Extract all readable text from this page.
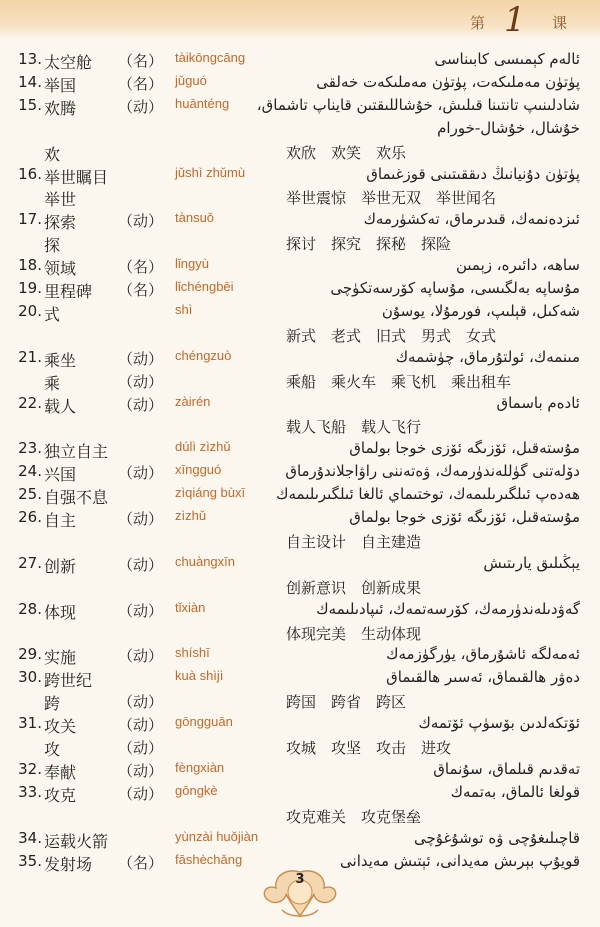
第 1 课
13. 太空舱 （名） tàikōngcāng	ئالەم كېمىسى كابىناسى
14. 举国	（名） jǔguó	پۈتۈن مەملىكەت، پۈتۈن مەملىكەت خەلقى
15. 欢腾	（动） huānténg شادلىنىپ تانتىنا قىلىش، خۇشاللىقتىن قايناپ تاشماق،
خۇشال، خۇشال-خورام
欢	欢欣　欢笑　欢乐
16. 举世瞩目	jǔshì zhǔmù	پۈتۈن دۇنيانىڭ دىققىتىنى قوزغىماق
举世	举世震惊　举世无双　举世闻名
17. 探索	（动） tànsuǒ	ئىزدەنمەك، قىدىرماق، تەكشۈرمەك
探	探讨　探究　探秘　探险
18. 领域	（名） lǐngyù	ساھە، دائىرە، زېمىن
19. 里程碑 （名） lǐchéngbēi	مۇساپە بەلگىسى، مۇساپە كۆرسەتكۈچى
20. 式	shì	شەكىل، قېلىپ، فورمۇلا، يوسۇن
新式　老式　旧式　男式　女式
21. 乘坐	（动） chéngzuò	مىنمەك، ئولتۇرماق، چۈشمەك
乘	（动）	乘船　乘火车　乘飞机　乘出租车
22. 载人	（动） zàirén	ئادەم باسماق
载人飞船　载人飞行
23. 独立自主	dúlì zìzhǔ	مۇستەقىل، ئۆزىگە ئۆزى خوجا بولماق
24. 兴国	（动） xīngguó	دۆلەتنى گۈللەندۈرمەك، ۋەتەننى راۋاجلاندۇرماق
25. 自强不息	zìqiáng bùxī ھەدەپ ئىلگىرىلىمەك، توختىماي ئالغا ئىلگىرىلىمەك
26. 自主	（动） zìzhǔ	مۇستەقىل، ئۆزىگە ئۆزى خوجا بولماق
自主设计　自主建造
27. 创新	（动） chuàngxīn	يېڭىلىق يارىتىش
创新意识　创新成果
28. 体现	（动） tǐxiàn	گەۋدىلەندۈرمەك، كۆرسەتمەك، ئىپادىلىمەك
体现完美　生动体现
29. 实施	（动） shíshī	ئەمەلگە ئاشۇرماق، يۈرگۈزمەك
30. 跨世纪	kuà shìjì	دەۋر ھالقىماق، ئەسىر ھالقىماق
跨	（动）	跨国　跨省　跨区
31. 攻关	（动） gōngguān	ئۆتكەلدىن بۆسۈپ ئۆتمەك
攻	（动）	攻城　攻坚　攻击　进攻
32. 奉献	（动） fèngxiàn	تەقدىم قىلماق، سۇنماق
33. 攻克	（动） gōngkè	قولغا ئالماق، بەتمەك
攻克难关　攻克堡垒
34. 运载火箭	yùnzài huǒjiàn	قاچىلىغۇچى ۋە توشۇغۇچى
35. 发射场 （名） fāshèchǎng	قويۇپ بېرىش مەيدانى، ئېتىش مەيدانى
3
